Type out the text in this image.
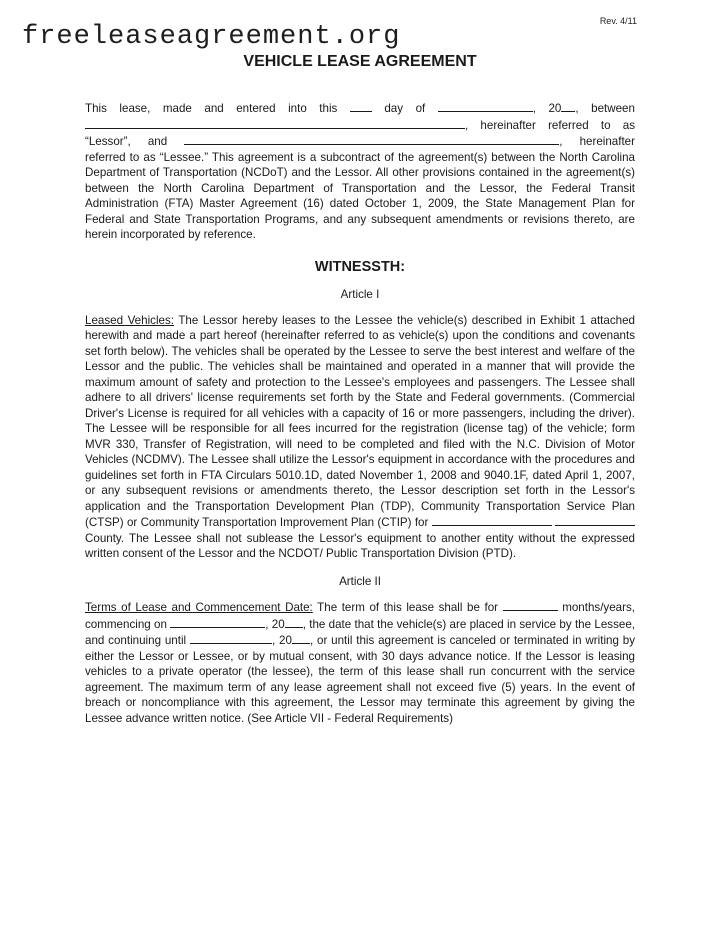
freeleaseagreement.org
Rev. 4/11
VEHICLE LEASE AGREEMENT

This lease, made and entered into this	day of	, 20 , between , hereinafter referred to as “Lessor”, and	, hereinafter referred to as “Lessee.” This agreement is a subcontract of the agreement(s) between the North Carolina Department of Transportation (NCDoT) and the Lessor. All other provisions contained in the agreement(s) between the North Carolina Department of Transportation and the Lessor, the Federal Transit Administration (FTA) Master Agreement (16) dated October 1, 2009, the State Management Plan for Federal and State Transportation Programs, and any subsequent amendments or revisions thereto, are herein incorporated by reference.

WITNESSTH:
Article I

Leased Vehicles: The Lessor hereby leases to the Lessee the vehicle(s) described in Exhibit 1 attached herewith and made a part hereof (hereinafter referred to as vehicle(s) upon the conditions and covenants set forth below). The vehicles shall be operated by the Lessee to serve the best interest and welfare of the Lessor and the public. The vehicles shall be maintained and operated in a manner that will provide the maximum amount of safety and protection to the Lessee's employees and passengers. The Lessee shall adhere to all drivers' license requirements set forth by the State and Federal governments. (Commercial Driver's License is required for all vehicles with a capacity of 16 or more passengers, including the driver). The Lessee will be responsible for all fees incurred for the registration (license tag) of the vehicle; form MVR 330, Transfer of Registration, will need to be completed and filed with the N.C. Division of Motor Vehicles (NCDMV). The Lessee shall utilize the Lessor's equipment in accordance with the procedures and guidelines set forth in FTA Circulars 5010.1D, dated November 1, 2008 and 9040.1F, dated April 1, 2007, or any subsequent revisions or amendments thereto, the Lessor description set forth in the Lessor's application and the Transportation Development Plan (TDP), Community Transportation Service Plan (CTSP) or Community Transportation Improvement Plan (CTIP) for  County. The Lessee shall not sublease the Lessor's equipment to another entity without the expressed written consent of the Lessor and the NCDOT/ Public Transportation Division (PTD).

Article II

Terms of Lease and Commencement Date: The term of this lease shall be for	months/years, commencing on	, 20 , the date that the vehicle(s) are placed in service by the Lessee, and continuing until	, 20 , or until this agreement is canceled or terminated in writing by either the Lessor or Lessee, or by mutual consent, with 30 days advance notice. If the Lessor is leasing vehicles to a private operator (the lessee), the term of this lease shall run concurrent with the service agreement. The maximum term of any lease agreement shall not exceed five (5) years. In the event of breach or noncompliance with this agreement, the Lessor may terminate this agreement by giving the Lessee advance written notice. (See Article VII - Federal Requirements)
